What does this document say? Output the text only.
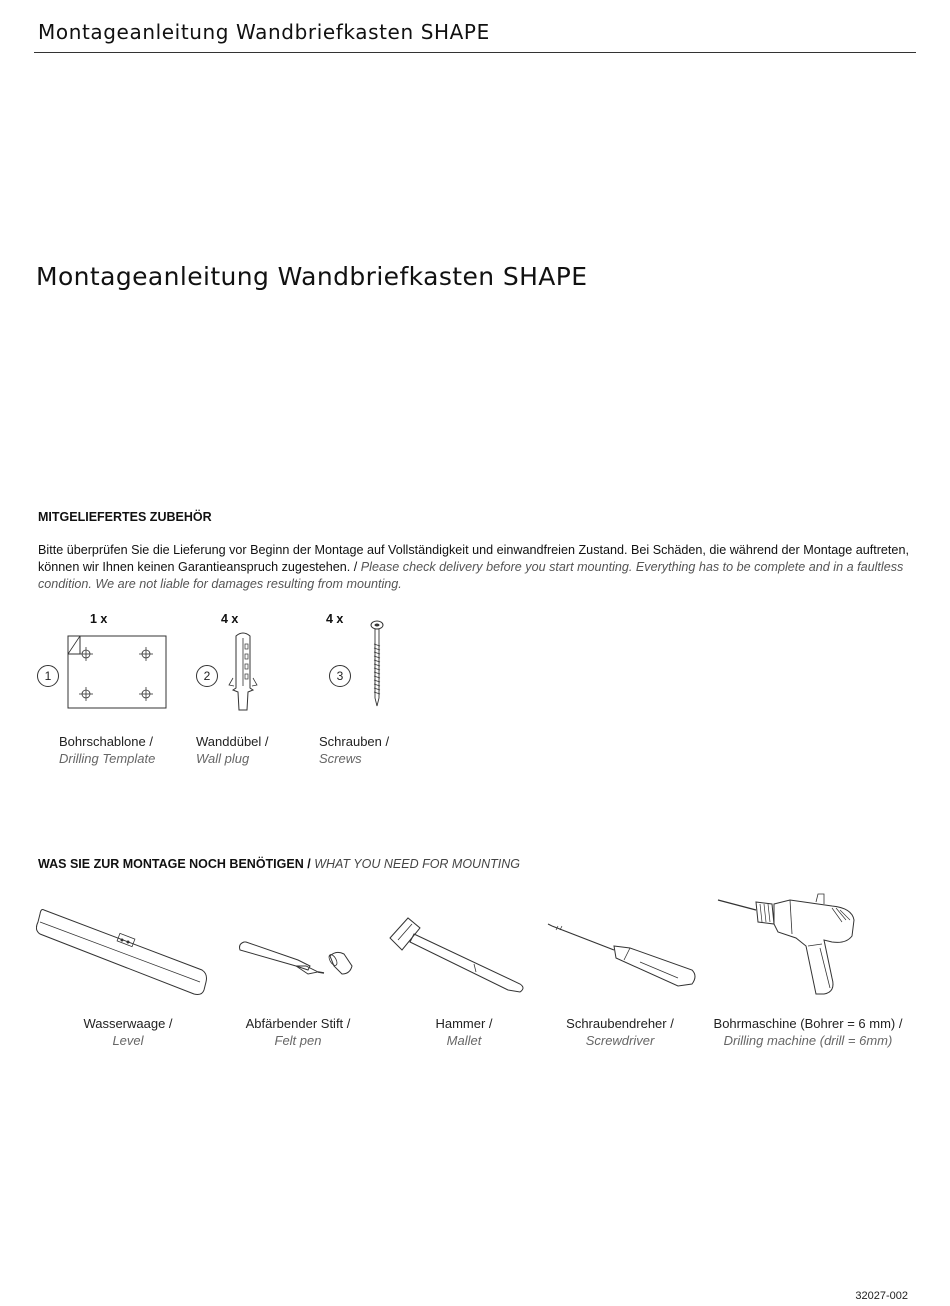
Montageanleitung Wandbriefkasten SHAPE
Montageanleitung Wandbriefkasten SHAPE
MITGELIEFERTES ZUBEHÖR
Bitte überprüfen Sie die Lieferung vor Beginn der Montage auf Vollständigkeit und einwandfreien Zustand. Bei Schäden, die während der Montage auftreten, können wir Ihnen keinen Garantieanspruch zugestehen. / Please check delivery before you start mounting. Everything has to be complete and in a faultless condition. We are not liable for damages resulting from mounting.
1 x
1
Bohrschablone /
Drilling Template
4 x
2
Wanddübel /
Wall plug
4 x
3
Schrauben /
Screws
WAS SIE ZUR MONTAGE NOCH BENÖTIGEN / WHAT YOU NEED FOR MOUNTING
Wasserwaage /
Level
Abfärbender Stift /
Felt pen
Hammer /
Mallet
Schraubendreher /
Screwdriver
Bohrmaschine (Bohrer = 6 mm) /
Drilling machine (drill = 6mm)
32027-002
